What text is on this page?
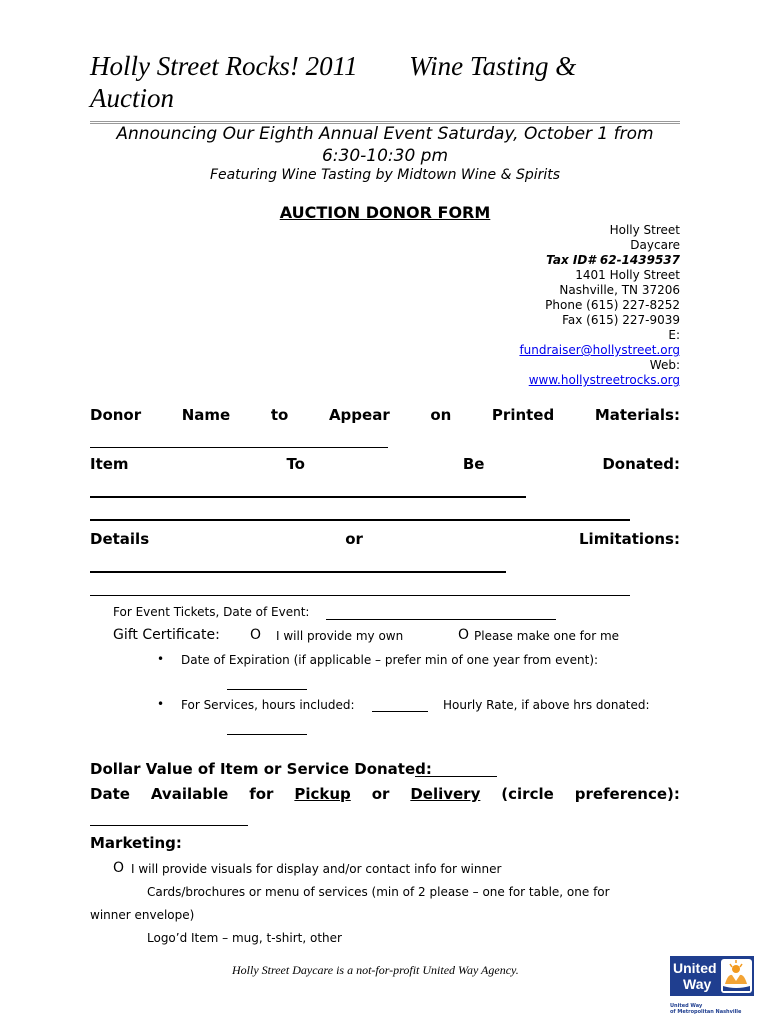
Holly Street Rocks! 2011 Wine Tasting &
Auction
Announcing Our Eighth Annual Event Saturday, October 1 from
6:30-10:30 pm
Featuring Wine Tasting by Midtown Wine & Spirits
AUCTION DONOR FORM
Holly Street
Daycare
Tax ID# 62-1439537
1401 Holly Street
Nashville, TN 37206
Phone (615) 227-8252
Fax (615) 227-9039
E:
fundraiser@hollystreet.org
Web:
www.hollystreetrocks.org
Donor	Name	to	Appear	on	Printed	Materials:
Item	To	Be	Donated:
Details	or	Limitations:
For Event Tickets, Date of Event:
Gift Certificate: O I will provide my own	O Please make one for me
• Date of Expiration (if applicable – prefer min of one year from event):
• For Services, hours included:	Hourly Rate, if above hrs donated:
Dollar Value of Item or Service Donated:
Date Available for Pickup or Delivery (circle preference):
Marketing:
O I will provide visuals for display and/or contact info for winner
Cards/brochures or menu of services (min of 2 please – one for table, one for
winner envelope)
Logo’d Item – mug, t-shirt, other
Holly Street Daycare is a not-for-profit United Way Agency.	United
Way
United Way
of Metropolitan Nashville
